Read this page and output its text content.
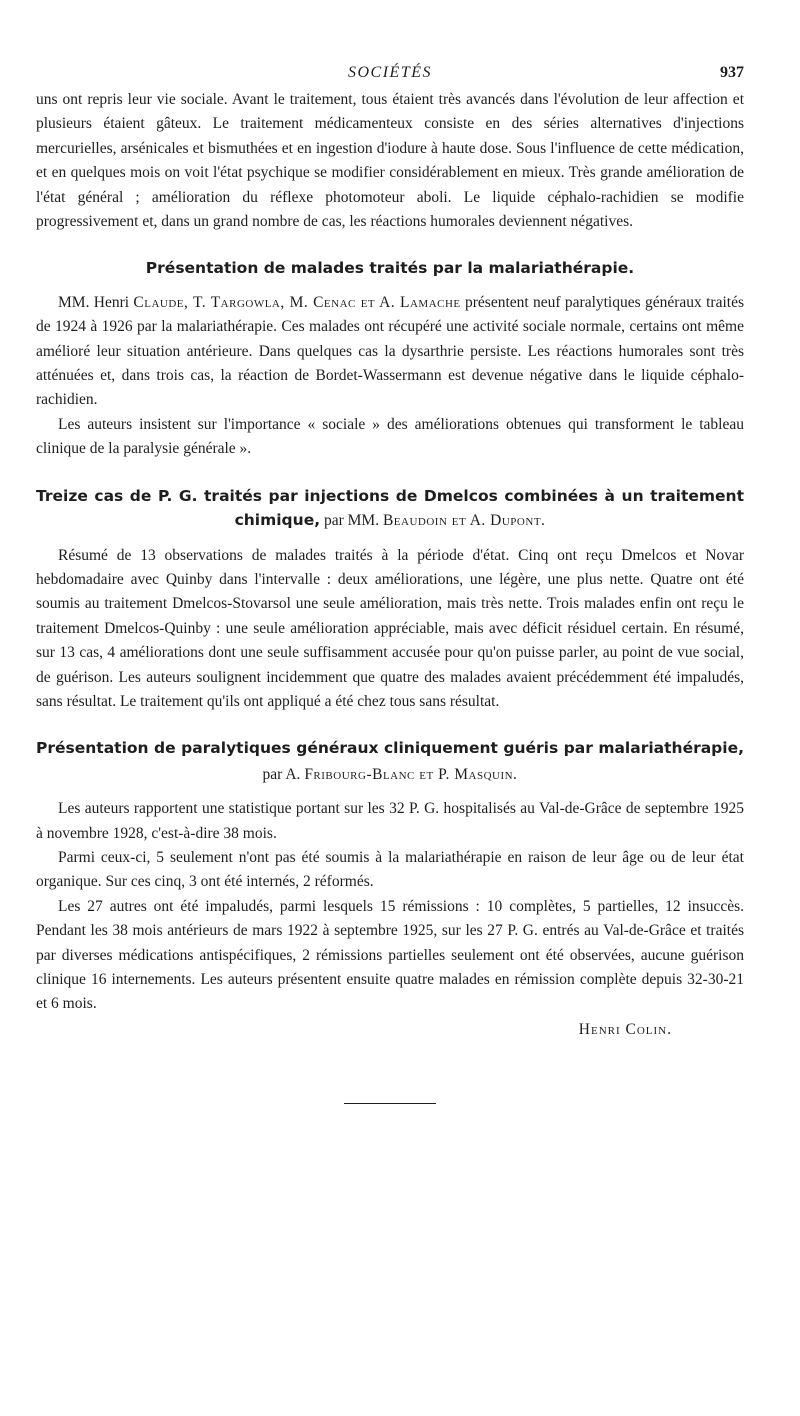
SOCIÉTÉS	937

uns ont repris leur vie sociale. Avant le traitement, tous étaient très avancés dans l'évolution de leur affection et plusieurs étaient gâteux. Le traitement médicamenteux consiste en des séries alternatives d'injections mercurielles, arsénicales et bismuthées et en ingestion d'iodure à haute dose. Sous l'influence de cette médication, et en quelques mois on voit l'état psychique se modifier considérablement en mieux. Très grande amélioration de l'état général ; amélioration du réflexe photomoteur aboli. Le liquide céphalo-rachidien se modifie progressivement et, dans un grand nombre de cas, les réactions humorales deviennent négatives.

Présentation de malades traités par la malariathérapie.

MM. Henri Claude, T. Targowla, M. Cenac et A. Lamache présentent neuf paralytiques généraux traités de 1924 à 1926 par la malariathérapie. Ces malades ont récupéré une activité sociale normale, certains ont même amélioré leur situation antérieure. Dans quelques cas la dysarthrie persiste. Les réactions humorales sont très atténuées et, dans trois cas, la réaction de Bordet-Wassermann est devenue négative dans le liquide céphalo-rachidien.

Les auteurs insistent sur l'importance « sociale » des améliorations obtenues qui transforment le tableau clinique de la paralysie générale ».

Treize cas de P. G. traités par injections de Dmelcos combinées à un traitement chimique, par MM. Beaudoin et A. Dupont.

Résumé de 13 observations de malades traités à la période d'état. Cinq ont reçu Dmelcos et Novar hebdomadaire avec Quinby dans l'intervalle : deux améliorations, une légère, une plus nette. Quatre ont été soumis au traitement Dmelcos-Stovarsol une seule amélioration, mais très nette. Trois malades enfin ont reçu le traitement Dmelcos-Quinby : une seule amélioration appréciable, mais avec déficit résiduel certain. En résumé, sur 13 cas, 4 améliorations dont une seule suffisamment accusée pour qu'on puisse parler, au point de vue social, de guérison. Les auteurs soulignent incidemment que quatre des malades avaient précédemment été impaludés, sans résultat. Le traitement qu'ils ont appliqué a été chez tous sans résultat.

Présentation de paralytiques généraux cliniquement guéris par malariathérapie, par A. Fribourg-Blanc et P. Masquin.

Les auteurs rapportent une statistique portant sur les 32 P. G. hospitalisés au Val-de-Grâce de septembre 1925 à novembre 1928, c'est-à-dire 38 mois.

Parmi ceux-ci, 5 seulement n'ont pas été soumis à la malariathérapie en raison de leur âge ou de leur état organique. Sur ces cinq, 3 ont été internés, 2 réformés.

Les 27 autres ont été impaludés, parmi lesquels 15 rémissions : 10 complètes, 5 partielles, 12 insuccès. Pendant les 38 mois antérieurs de mars 1922 à septembre 1925, sur les 27 P. G. entrés au Val-de-Grâce et traités par diverses médications antispécifiques, 2 rémissions partielles seulement ont été observées, aucune guérison clinique 16 internements. Les auteurs présentent ensuite quatre malades en rémission complète depuis 32-30-21 et 6 mois.

Henri Colin.
